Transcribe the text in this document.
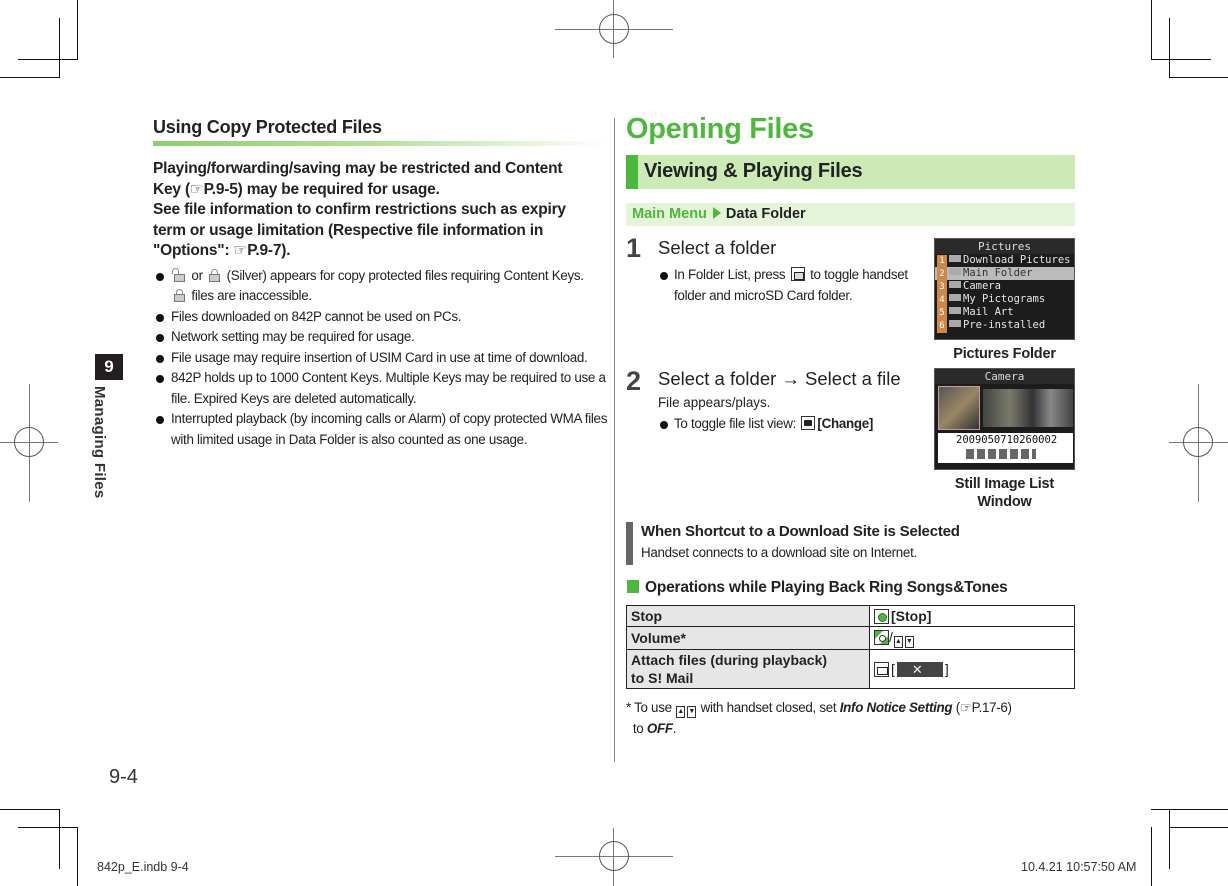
9
Managing Files
9-4
Using Copy Protected Files
Playing/forwarding/saving may be restricted and Content
Key (☞P.9-5) may be required for usage.
See file information to confirm restrictions such as expiry
term or usage limitation (Respective file information in
"Options": ☞P.9-7).
or (Silver) appears for copy protected files requiring Content Keys.

files are inaccessible.
Files downloaded on 842P cannot be used on PCs.
Network setting may be required for usage.
File usage may require insertion of USIM Card in use at time of download.
842P holds up to 1000 Content Keys. Multiple Keys may be required to use a file. Expired Keys are deleted automatically.
Interrupted playback (by incoming calls or Alarm) of copy protected WMA files with limited usage in Data Folder is also counted as one usage.
Opening Files
Viewing & Playing Files
Main Menu Data Folder
1 Select a folder
In Folder List, press to toggle handset folder and microSD Card folder.
Pictures
1 Download Pictures
2 Main Folder
3 Camera
4 My Pictograms
5 Mail Art
6 Pre-installed
Pictures Folder
2 Select a folder → Select a file
File appears/plays.
To toggle file list view: [Change]
Camera
2009050710260002
Still Image List
Window
When Shortcut to a Download Site is Selected
Handset connects to a download site on Internet.
Operations while Playing Back Ring Songs&Tones
Stop	[Stop]
Volume*	/ ▲ ▼

Attach files (during playback)
to S! Mail	[ ✕ ]
* To use ▲ ▼ with handset closed, set Info Notice Setting (☞P.17-6)
to OFF.
842p_E.indb 9-4	10.4.21 10:57:50 AM
